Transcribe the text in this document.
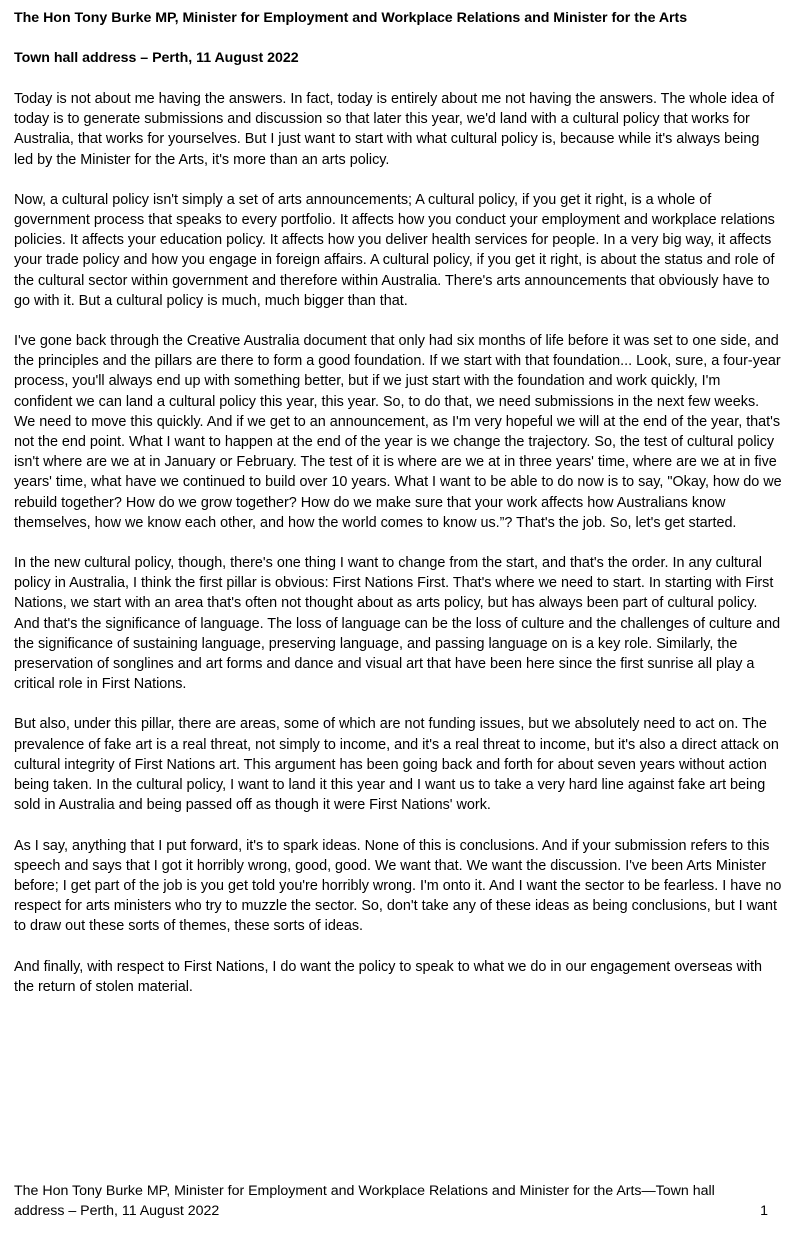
The Hon Tony Burke MP, Minister for Employment and Workplace Relations and Minister for the Arts
Town hall address – Perth, 11 August 2022

Today is not about me having the answers. In fact, today is entirely about me not having the answers. The whole idea of today is to generate submissions and discussion so that later this year, we'd land with a cultural policy that works for Australia, that works for yourselves. But I just want to start with what cultural policy is, because while it's always being led by the Minister for the Arts, it's more than an arts policy.

Now, a cultural policy isn't simply a set of arts announcements; A cultural policy, if you get it right, is a whole of government process that speaks to every portfolio. It affects how you conduct your employment and workplace relations policies. It affects your education policy. It affects how you deliver health services for people. In a very big way, it affects your trade policy and how you engage in foreign affairs. A cultural policy, if you get it right, is about the status and role of the cultural sector within government and therefore within Australia. There's arts announcements that obviously have to go with it. But a cultural policy is much, much bigger than that.

I've gone back through the Creative Australia document that only had six months of life before it was set to one side, and the principles and the pillars are there to form a good foundation. If we start with that foundation... Look, sure, a four-year process, you'll always end up with something better, but if we just start with the foundation and work quickly, I'm confident we can land a cultural policy this year, this year. So, to do that, we need submissions in the next few weeks. We need to move this quickly. And if we get to an announcement, as I'm very hopeful we will at the end of the year, that's not the end point. What I want to happen at the end of the year is we change the trajectory. So, the test of cultural policy isn't where are we at in January or February. The test of it is where are we at in three years' time, where are we at in five years' time, what have we continued to build over 10 years. What I want to be able to do now is to say, "Okay, how do we rebuild together? How do we grow together? How do we make sure that your work affects how Australians know themselves, how we know each other, and how the world comes to know us.”? That's the job. So, let's get started.

In the new cultural policy, though, there's one thing I want to change from the start, and that's the order. In any cultural policy in Australia, I think the first pillar is obvious: First Nations First. That's where we need to start. In starting with First Nations, we start with an area that's often not thought about as arts policy, but has always been part of cultural policy. And that's the significance of language. The loss of language can be the loss of culture and the challenges of culture and the significance of sustaining language, preserving language, and passing language on is a key role. Similarly, the preservation of songlines and art forms and dance and visual art that have been here since the first sunrise all play a critical role in First Nations.

But also, under this pillar, there are areas, some of which are not funding issues, but we absolutely need to act on. The prevalence of fake art is a real threat, not simply to income, and it's a real threat to income, but it's also a direct attack on cultural integrity of First Nations art. This argument has been going back and forth for about seven years without action being taken. In the cultural policy, I want to land it this year and I want us to take a very hard line against fake art being sold in Australia and being passed off as though it were First Nations' work.

As I say, anything that I put forward, it's to spark ideas. None of this is conclusions. And if your submission refers to this speech and says that I got it horribly wrong, good, good. We want that. We want the discussion. I've been Arts Minister before; I get part of the job is you get told you're horribly wrong. I'm onto it. And I want the sector to be fearless. I have no respect for arts ministers who try to muzzle the sector. So, don't take any of these ideas as being conclusions, but I want to draw out these sorts of themes, these sorts of ideas.

And finally, with respect to First Nations, I do want the policy to speak to what we do in our engagement overseas with the return of stolen material.

The Hon Tony Burke MP, Minister for Employment and Workplace Relations and Minister for the Arts—Town hall
address – Perth, 11 August 2022	1
